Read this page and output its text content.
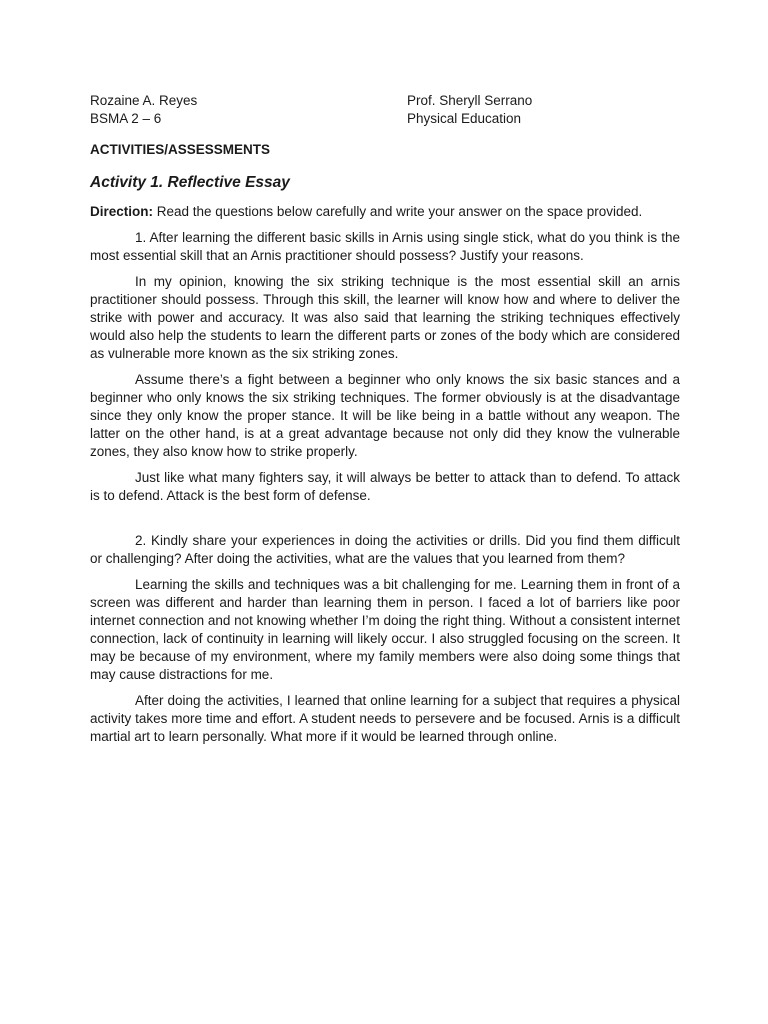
Rozaine A. Reyes
BSMA 2 – 6
Prof. Sheryll Serrano
Physical Education
ACTIVITIES/ASSESSMENTS
Activity 1. Reflective Essay
Direction: Read the questions below carefully and write your answer on the space provided.

1. After learning the different basic skills in Arnis using single stick, what do you think is the most essential skill that an Arnis practitioner should possess? Justify your reasons.

In my opinion, knowing the six striking technique is the most essential skill an arnis practitioner should possess. Through this skill, the learner will know how and where to deliver the strike with power and accuracy. It was also said that learning the striking techniques effectively would also help the students to learn the different parts or zones of the body which are considered as vulnerable more known as the six striking zones.

Assume there’s a fight between a beginner who only knows the six basic stances and a beginner who only knows the six striking techniques. The former obviously is at the disadvantage since they only know the proper stance. It will be like being in a battle without any weapon. The latter on the other hand, is at a great advantage because not only did they know the vulnerable zones, they also know how to strike properly.

Just like what many fighters say, it will always be better to attack than to defend. To attack is to defend. Attack is the best form of defense.

2. Kindly share your experiences in doing the activities or drills. Did you find them difficult or challenging? After doing the activities, what are the values that you learned from them?

Learning the skills and techniques was a bit challenging for me. Learning them in front of a screen was different and harder than learning them in person. I faced a lot of barriers like poor internet connection and not knowing whether I’m doing the right thing. Without a consistent internet connection, lack of continuity in learning will likely occur. I also struggled focusing on the screen. It may be because of my environment, where my family members were also doing some things that may cause distractions for me.

After doing the activities, I learned that online learning for a subject that requires a physical activity takes more time and effort. A student needs to persevere and be focused. Arnis is a difficult martial art to learn personally. What more if it would be learned through online.
